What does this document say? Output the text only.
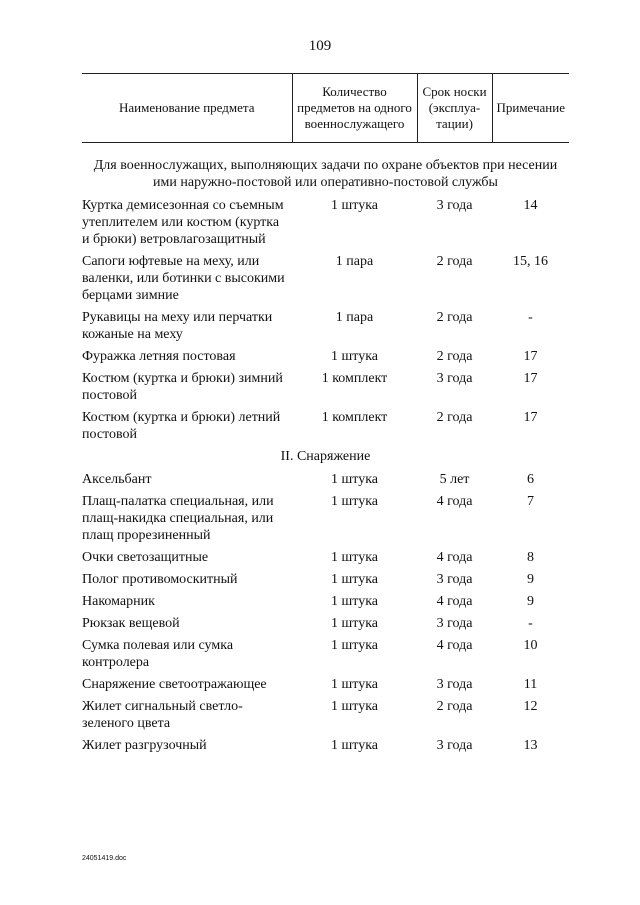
109
Наименование предмета	Количество предметов на одного военнослужащего	Срок носки (эксплуа-тации)	Примечание

Для военнослужащих, выполняющих задачи по охране объектов при несении ими наружно-постовой или оперативно-постовой службы			
Куртка демисезонная со съемным утеплителем или костюм (куртка и брюки) ветровлагозащитный	1 штука	3 года	14
Сапоги юфтевые на меху, или валенки, или ботинки с высокими берцами зимние	1 пара	2 года	15, 16
Рукавицы на меху или перчатки кожаные на меху	1 пара	2 года	-
Фуражка летняя постовая	1 штука	2 года	17
Костюм (куртка и брюки) зимний постовой	1 комплект	3 года	17
Костюм (куртка и брюки) летний постовой	1 комплект	2 года	17
II. Снаряжение			
Аксельбант	1 штука	5 лет	6
Плащ-палатка специальная, или плащ-накидка специальная, или плащ прорезиненный	1 штука	4 года	7
Очки светозащитные	1 штука	4 года	8
Полог противомоскитный	1 штука	3 года	9
Накомарник	1 штука	4 года	9
Рюкзак вещевой	1 штука	3 года	-
Сумка полевая или сумка контролера	1 штука	4 года	10
Снаряжение светоотражающее	1 штука	3 года	11
Жилет сигнальный светло-зеленого цвета	1 штука	2 года	12
Жилет разгрузочный	1 штука	3 года	13
24051419.doc
